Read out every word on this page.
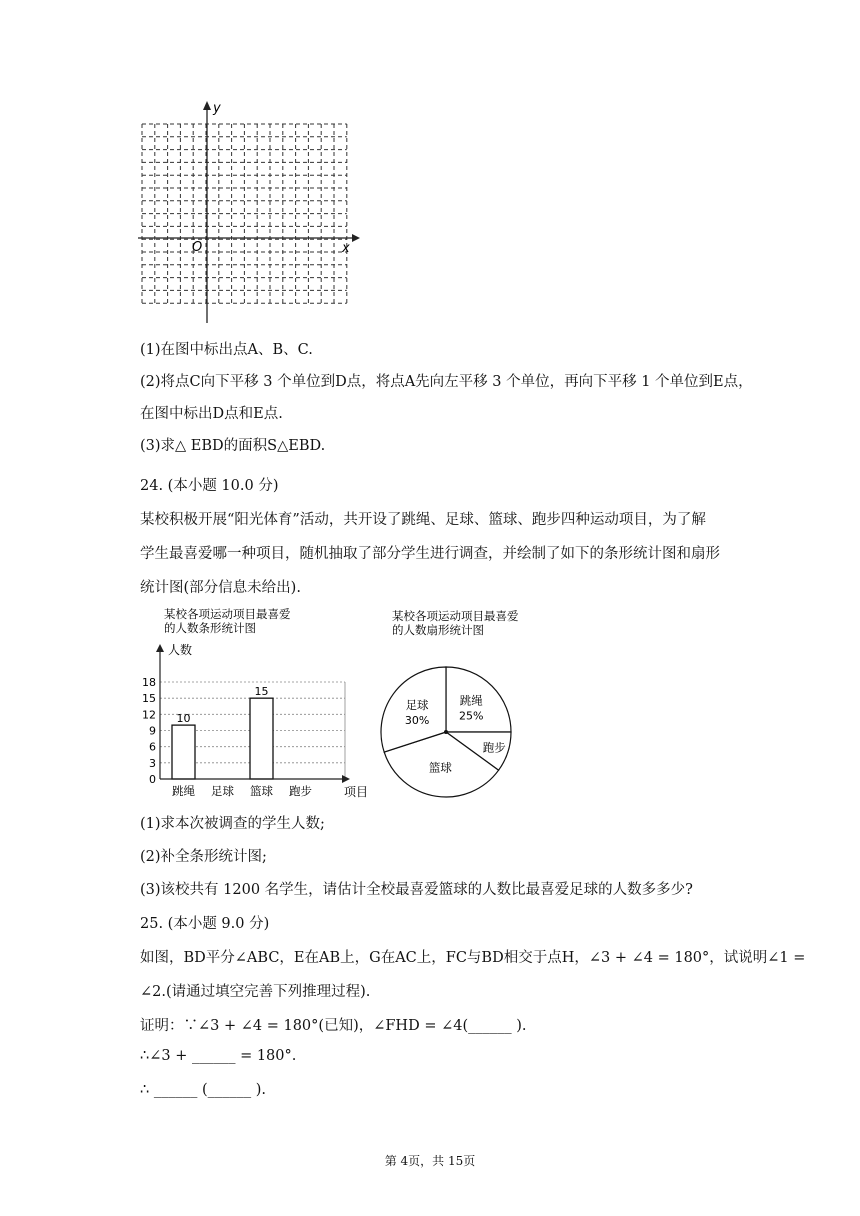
x
y
O
(1)在图中标出点A、B、C.
(2)将点C向下平移 3 个单位到D点，将点A先向左平移 3 个单位，再向下平移 1 个单位到E点，
在图中标出D点和E点.
(3)求△ EBD的面积S△EBD.
24. (本小题 10.0 分)
某校积极开展“阳光体育”活动，共开设了跳绳、足球、篮球、跑步四种运动项目，为了解
学生最喜爱哪一种项目，随机抽取了部分学生进行调查，并绘制了如下的条形统计图和扇形
统计图(部分信息未给出).
某校各项运动项目最喜爱
的人数条形统计图
0
3
6
9
12
15
18
10
15
跳绳 足球 篮球 跑步
人数
项目
某校各项运动项目最喜爱
的人数扇形统计图
跳绳
25%
跑步
篮球
足球
30%
(1)求本次被调查的学生人数;
(2)补全条形统计图;
(3)该校共有 1200 名学生，请估计全校最喜爱篮球的人数比最喜爱足球的人数多多少?
25. (本小题 9.0 分)
如图，BD平分∠ABC，E在AB上，G在AC上，FC与BD相交于点H，∠3 + ∠4 = 180°，试说明∠1 =
∠2.(请通过填空完善下列推理过程).
证明：∵∠3 + ∠4 = 180°(已知)，∠FHD = ∠4(______ ).
∴∠3 + ______ = 180°.
∴ ______ (______ ).
第 4页，共 15页
